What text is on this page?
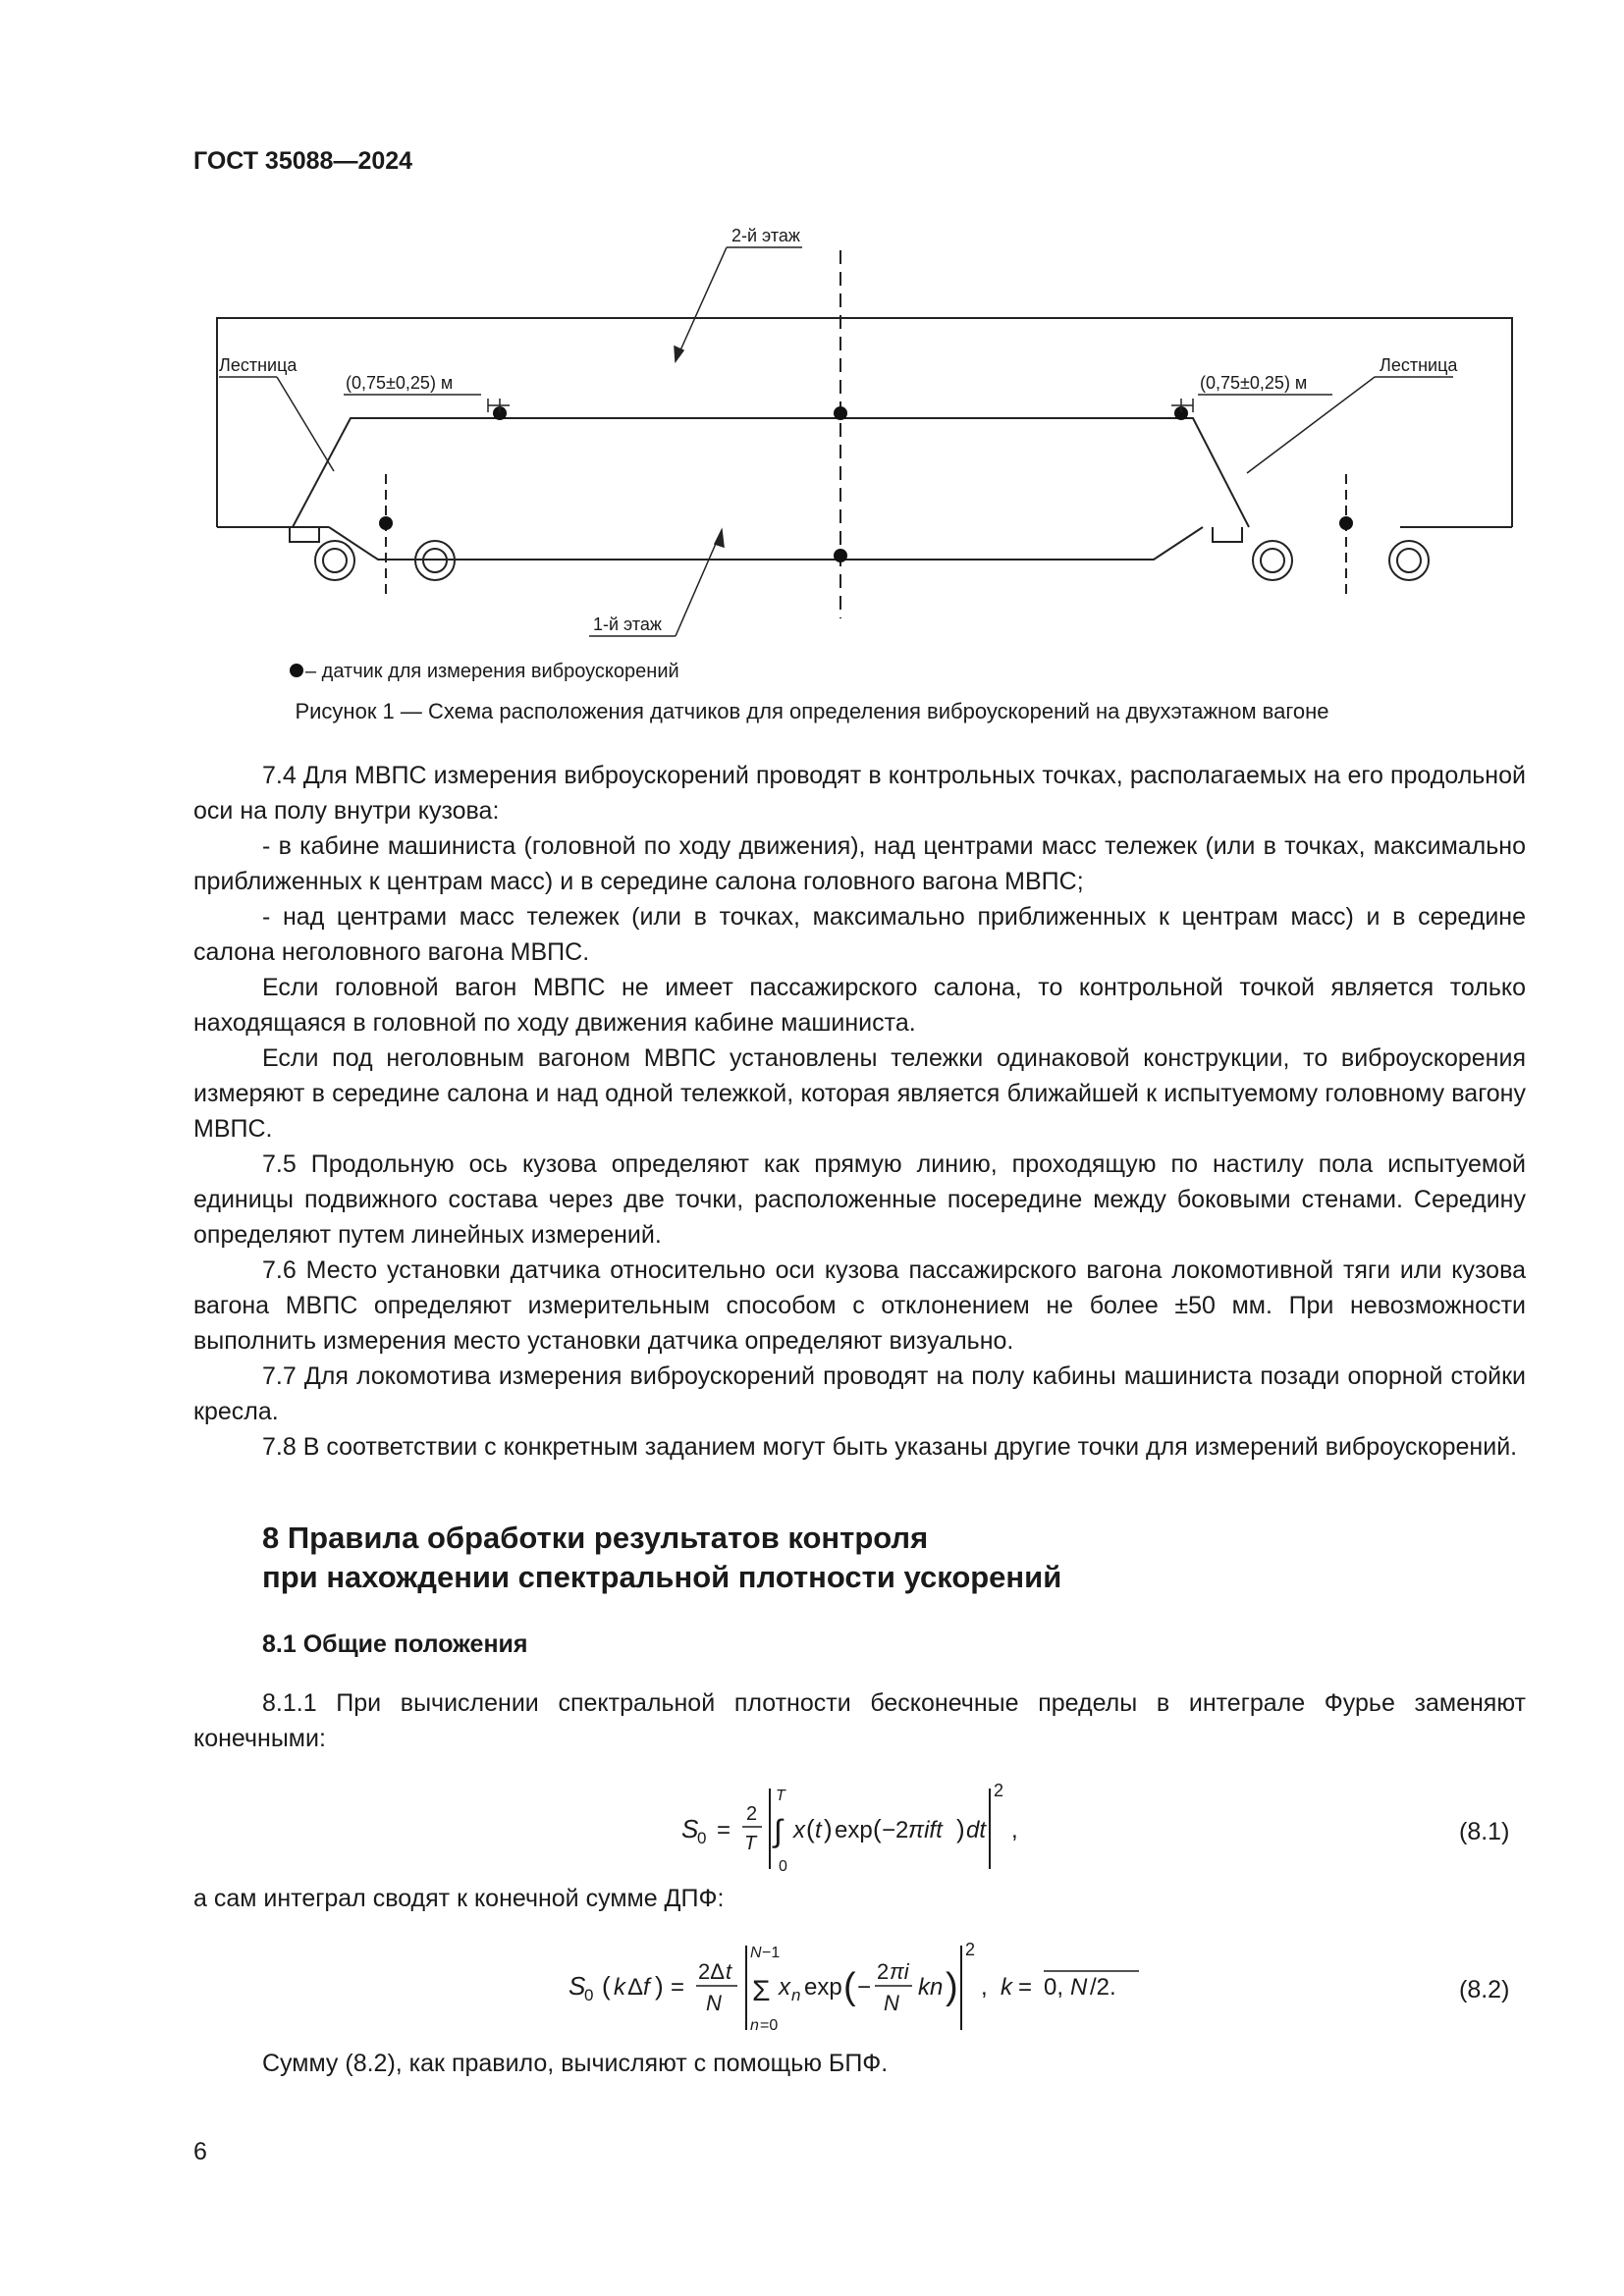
ГОСТ 35088—2024
2-й этаж
1-й этаж
Лестница	Лестница
(0,75±0,25) м	(0,75±0,25) м
– датчик для измерения виброускорений
Рисунок 1 — Схема расположения датчиков для определения виброускорений на двухэтажном вагоне

7.4 Для МВПС измерения виброускорений проводят в контрольных точках, располагаемых на его продольной оси на полу внутри кузова:

- в кабине машиниста (головной по ходу движения), над центрами масс тележек (или в точках, максимально приближенных к центрам масс) и в середине салона головного вагона МВПС;

- над центрами масс тележек (или в точках, максимально приближенных к центрам масс) и в середине салона неголовного вагона МВПС.

Если головной вагон МВПС не имеет пассажирского салона, то контрольной точкой является только находящаяся в головной по ходу движения кабине машиниста.

Если под неголовным вагоном МВПС установлены тележки одинаковой конструкции, то виброускорения измеряют в середине салона и над одной тележкой, которая является ближайшей к испытуемому головному вагону МВПС.

7.5 Продольную ось кузова определяют как прямую линию, проходящую по настилу пола испытуемой единицы подвижного состава через две точки, расположенные посередине между боковыми стенами. Середину определяют путем линейных измерений.

7.6 Место установки датчика относительно оси кузова пассажирского вагона локомотивной тяги или кузова вагона МВПС определяют измерительным способом с отклонением не более ±50 мм. При невозможности выполнить измерения место установки датчика определяют визуально.

7.7 Для локомотива измерения виброускорений проводят на полу кабины машиниста позади опорной стойки кресла.

7.8 В соответствии с конкретным заданием могут быть указаны другие точки для измерений виброускорений.

8 Правила обработки результатов контроля
при нахождении спектральной плотности ускорений
8.1 Общие положения

8.1.1 При вычислении спектральной плотности бесконечные пределы в интеграле Фурье заменяют конечными:

S
0 =
2
T
T
∫
0
x ( t ) exp ( −2 πift ) dt
2
,	(8.1)
а сам интеграл сводят к конечной сумме ДПФ:
S
0 ( k Δ f ) =
2Δ t
N
N −1
Σ
n =0
x n exp ( −
2 πi
N
kn )
2
, k = 0, N /2.	(8.2)
Сумму (8.2), как правило, вычисляют с помощью БПФ.
6
